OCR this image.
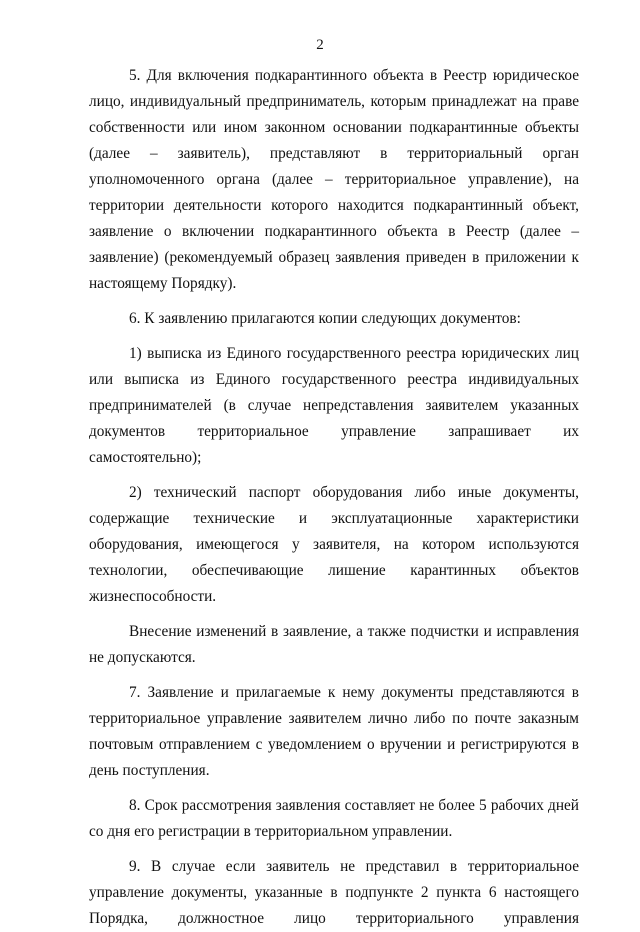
2

5. Для включения подкарантинного объекта в Реестр юридическое лицо, индивидуальный предприниматель, которым принадлежат на праве собственности или ином законном основании подкарантинные объекты (далее – заявитель), представляют в территориальный орган уполномоченного органа (далее – территориальное управление), на территории деятельности которого находится подкарантинный объект, заявление о включении подкарантинного объекта в Реестр (далее – заявление) (рекомендуемый образец заявления приведен в приложении к настоящему Порядку).

6. К заявлению прилагаются копии следующих документов:

1) выписка из Единого государственного реестра юридических лиц или выписка из Единого государственного реестра индивидуальных предпринимателей (в случае непредставления заявителем указанных документов территориальное управление запрашивает их самостоятельно);

2) технический паспорт оборудования либо иные документы, содержащие технические и эксплуатационные характеристики оборудования, имеющегося у заявителя, на котором используются технологии, обеспечивающие лишение карантинных объектов жизнеспособности.

Внесение изменений в заявление, а также подчистки и исправления не допускаются.

7. Заявление и прилагаемые к нему документы представляются в территориальное управление заявителем лично либо по почте заказным почтовым отправлением с уведомлением о вручении и регистрируются в день поступления.

8. Срок рассмотрения заявления составляет не более 5 рабочих дней со дня его регистрации в территориальном управлении.

9. В случае если заявитель не представил в территориальное управление документы, указанные в подпункте 2 пункта 6 настоящего Порядка, должностное лицо территориального управления
